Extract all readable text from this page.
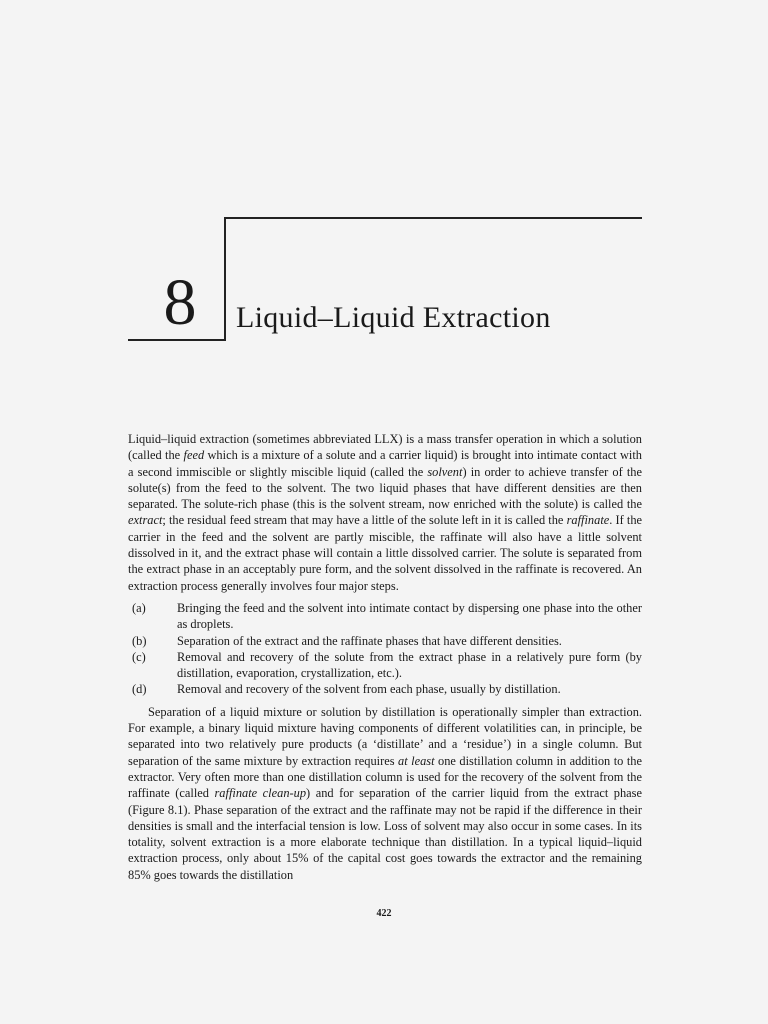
8	Liquid–Liquid Extraction

Liquid–liquid extraction (sometimes abbreviated LLX) is a mass transfer operation in which a solution (called the feed which is a mixture of a solute and a carrier liquid) is brought into intimate contact with a second immiscible or slightly miscible liquid (called the solvent) in order to achieve transfer of the solute(s) from the feed to the solvent. The two liquid phases that have different densities are then separated. The solute-rich phase (this is the solvent stream, now enriched with the solute) is called the extract; the residual feed stream that may have a little of the solute left in it is called the raffinate. If the carrier in the feed and the solvent are partly miscible, the raffinate will also have a little solvent dissolved in it, and the extract phase will contain a little dissolved carrier. The solute is separated from the extract phase in an acceptably pure form, and the solvent dissolved in the raffinate is recovered. An extraction process generally involves four major steps.

(a)	Bringing the feed and the solvent into intimate contact by dispersing one phase into the other as droplets.
(b) Separation of the extract and the raffinate phases that have different densities.
(c)	Removal and recovery of the solute from the extract phase in a relatively pure form (by distillation, evaporation, crystallization, etc.).
(d) Removal and recovery of the solvent from each phase, usually by distillation.

Separation of a liquid mixture or solution by distillation is operationally simpler than extraction. For example, a binary liquid mixture having components of different volatilities can, in principle, be separated into two relatively pure products (a ‘distillate’ and a ‘residue’) in a single column. But separation of the same mixture by extraction requires at least one distillation column in addition to the extractor. Very often more than one distillation column is used for the recovery of the solvent from the raffinate (called raffinate clean-up) and for separation of the carrier liquid from the extract phase (Figure 8.1). Phase separation of the extract and the raffinate may not be rapid if the difference in their densities is small and the interfacial tension is low. Loss of solvent may also occur in some cases. In its totality, solvent extraction is a more elaborate technique than distillation. In a typical liquid–liquid extraction process, only about 15% of the capital cost goes towards the extractor and the remaining 85% goes towards the distillation

422
